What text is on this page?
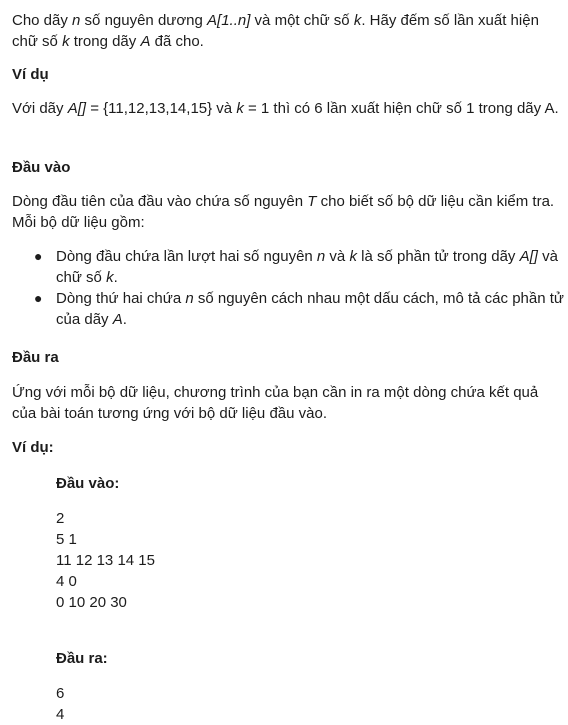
Cho dãy n số nguyên dương A[1..n] và một chữ số k. Hãy đếm số lần xuất hiện chữ số k trong dãy A đã cho.

Ví dụ

Với dãy A[] = {11,12,13,14,15} và k = 1 thì có 6 lần xuất hiện chữ số 1 trong dãy A.

Đầu vào

Dòng đầu tiên của đầu vào chứa số nguyên T cho biết số bộ dữ liệu cần kiểm tra. Mỗi bộ dữ liệu gồm:

● Dòng đầu chứa lần lượt hai số nguyên n và k là số phần tử trong dãy A[] và chữ số k.
● Dòng thứ hai chứa n số nguyên cách nhau một dấu cách, mô tả các phần tử của dãy A.

Đầu ra

Ứng với mỗi bộ dữ liệu, chương trình của bạn cần in ra một dòng chứa kết quả của bài toán tương ứng với bộ dữ liệu đầu vào.

Ví dụ:

Đầu vào:

2

5 1

11 12 13 14 15

4 0

0 10 20 30

Đầu ra:

6

4
